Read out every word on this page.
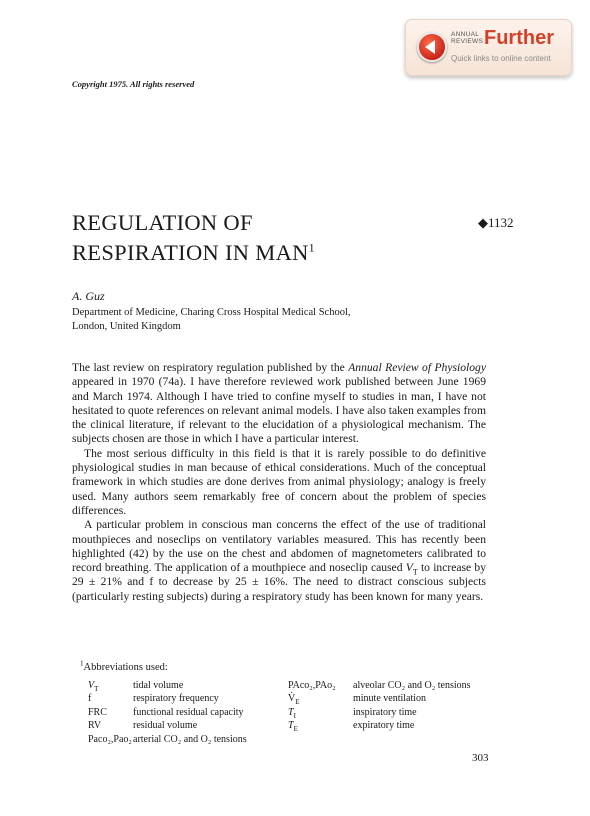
ANNUAL
REVIEWS Further
Quick links to online content
Copyright 1975. All rights reserved
REGULATION OF
RESPIRATION IN MAN$^1$
◆1132
A. Guz
Department of Medicine, Charing Cross Hospital Medical School,
London, United Kingdom

The last review on respiratory regulation published by the Annual Review of Physiology appeared in 1970 (74a). I have therefore reviewed work published between June 1969 and March 1974. Although I have tried to confine myself to studies in man, I have not hesitated to quote references on relevant animal models. I have also taken examples from the clinical literature, if relevant to the elucidation of a physiological mechanism. The subjects chosen are those in which I have a particular interest.

The most serious difficulty in this field is that it is rarely possible to do definitive physiological studies in man because of ethical considerations. Much of the conceptual framework in which studies are done derives from animal physiology; analogy is freely used. Many authors seem remarkably free of concern about the problem of species differences.

A particular problem in conscious man concerns the effect of the use of traditional mouthpieces and noseclips on ventilatory variables measured. This has recently been highlighted (42) by the use on the chest and abdomen of magnetometers calibrated to record breathing. The application of a mouthpiece and noseclip caused $V_T$ to increase by 29 ± 21% and f to decrease by 25 ± 16%. The need to distract conscious subjects (particularly resting subjects) during a respiratory study has been known for many years.

$^1$Abbreviations used:
$V_T$
f
FRC
RV
Paco₂,Pao₂
tidal volume
respiratory frequency
functional residual capacity
residual volume
arterial CO₂ and O₂ tensions
PAco₂,PAo₂
$V̇_E$
$T_I$
$T_E$
alveolar CO₂ and O₂ tensions
minute ventilation
inspiratory time
expiratory time
303
